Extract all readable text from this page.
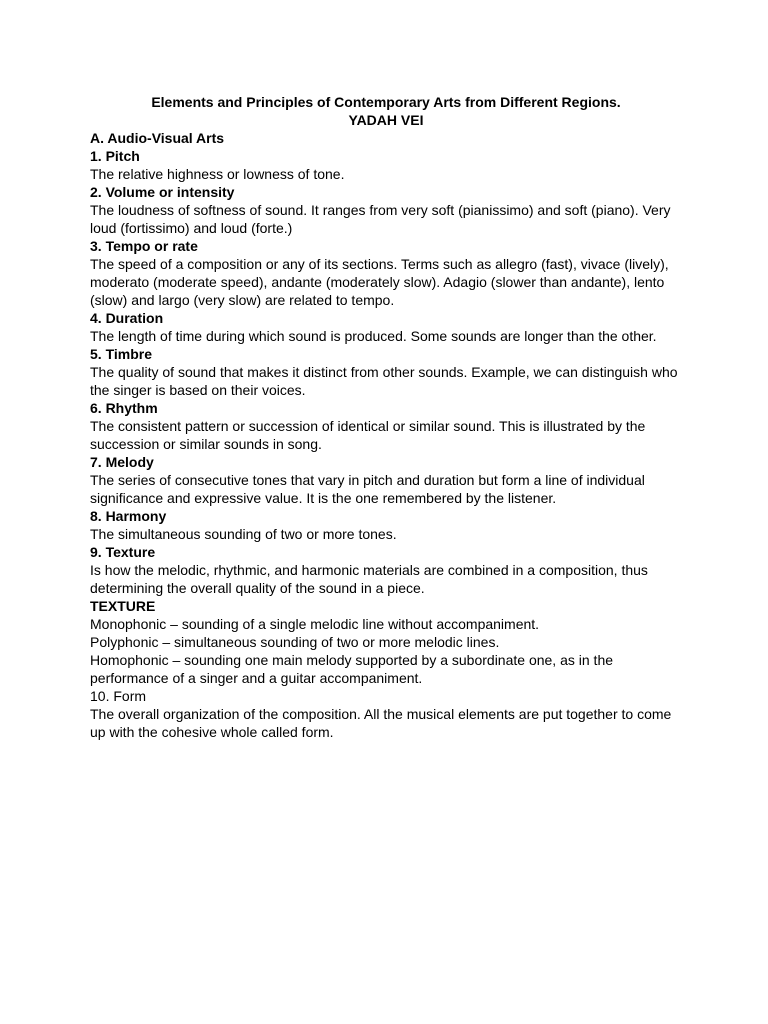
Elements and Principles of Contemporary Arts from Different Regions.
YADAH VEI
A. Audio-Visual Arts
1. Pitch
The relative highness or lowness of tone.
2. Volume or intensity
The loudness of softness of sound. It ranges from very soft (pianissimo) and soft (piano). Very loud (fortissimo) and loud (forte.)
3. Tempo or rate
The speed of a composition or any of its sections. Terms such as allegro (fast), vivace (lively), moderato (moderate speed), andante (moderately slow). Adagio (slower than andante), lento (slow) and largo (very slow) are related to tempo.
4. Duration
The length of time during which sound is produced. Some sounds are longer than the other.
5. Timbre
The quality of sound that makes it distinct from other sounds. Example, we can distinguish who the singer is based on their voices.
6. Rhythm
The consistent pattern or succession of identical or similar sound. This is illustrated by the succession or similar sounds in song.
7. Melody
The series of consecutive tones that vary in pitch and duration but form a line of individual significance and expressive value. It is the one remembered by the listener.
8. Harmony
The simultaneous sounding of two or more tones.
9. Texture
Is how the melodic, rhythmic, and harmonic materials are combined in a composition, thus determining the overall quality of the sound in a piece.
TEXTURE
Monophonic – sounding of a single melodic line without accompaniment.
Polyphonic – simultaneous sounding of two or more melodic lines.
Homophonic – sounding one main melody supported by a subordinate one, as in the performance of a singer and a guitar accompaniment.
10. Form
The overall organization of the composition. All the musical elements are put together to come up with the cohesive whole called form.
